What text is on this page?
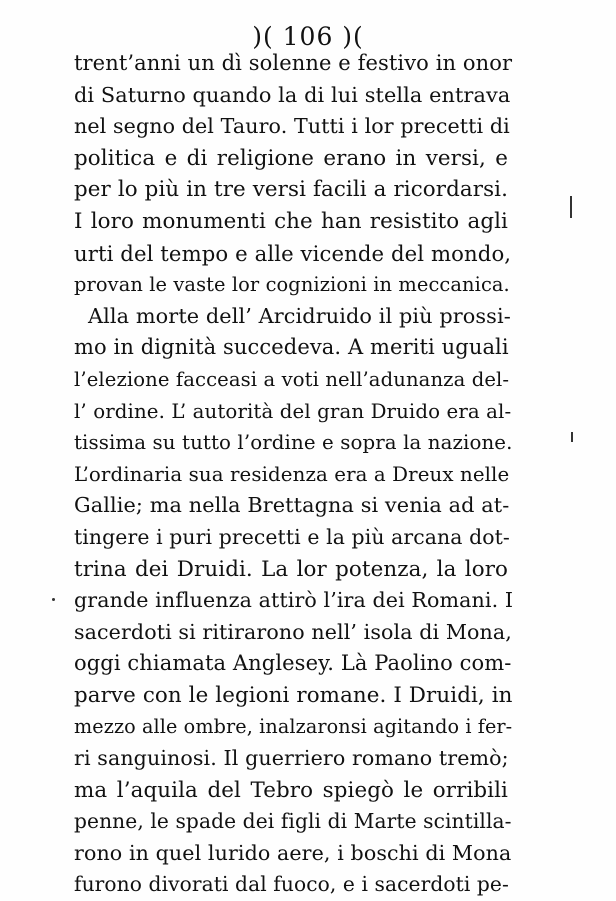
)( 106 )(
trent’anni un dì solenne e festivo in onor
di Saturno quando la di lui stella entrava
nel segno del Tauro. Tutti i lor precetti di
politica e di religione erano in versi, e
per lo più in tre versi facili a ricordarsi.
I loro monumenti che han resistito agli
urti del tempo e alle vicende del mondo,
provan le vaste lor cognizioni in meccanica.
Alla morte dell’ Arcidruido il più prossi-
mo in dignità succedeva. A meriti uguali
l’elezione facceasi a voti nell’adunanza del-
l’ ordine. L’ autorità del gran Druido era al-
tissima su tutto l’ordine e sopra la nazione.
L’ordinaria sua residenza era a Dreux nelle
Gallie; ma nella Brettagna si venia ad at-
tingere i puri precetti e la più arcana dot-
trina dei Druidi. La lor potenza, la loro
grande influenza attirò l’ira dei Romani. I
sacerdoti si ritirarono nell’ isola di Mona,
oggi chiamata Anglesey. Là Paolino com-
parve con le legioni romane. I Druidi, in
mezzo alle ombre, inalzaronsi agitando i fer-
ri sanguinosi. Il guerriero romano tremò;
ma l’aquila del Tebro spiegò le orribili
penne, le spade dei figli di Marte scintilla-
rono in quel lurido aere, i boschi di Mona
furono divorati dal fuoco, e i sacerdoti pe-
